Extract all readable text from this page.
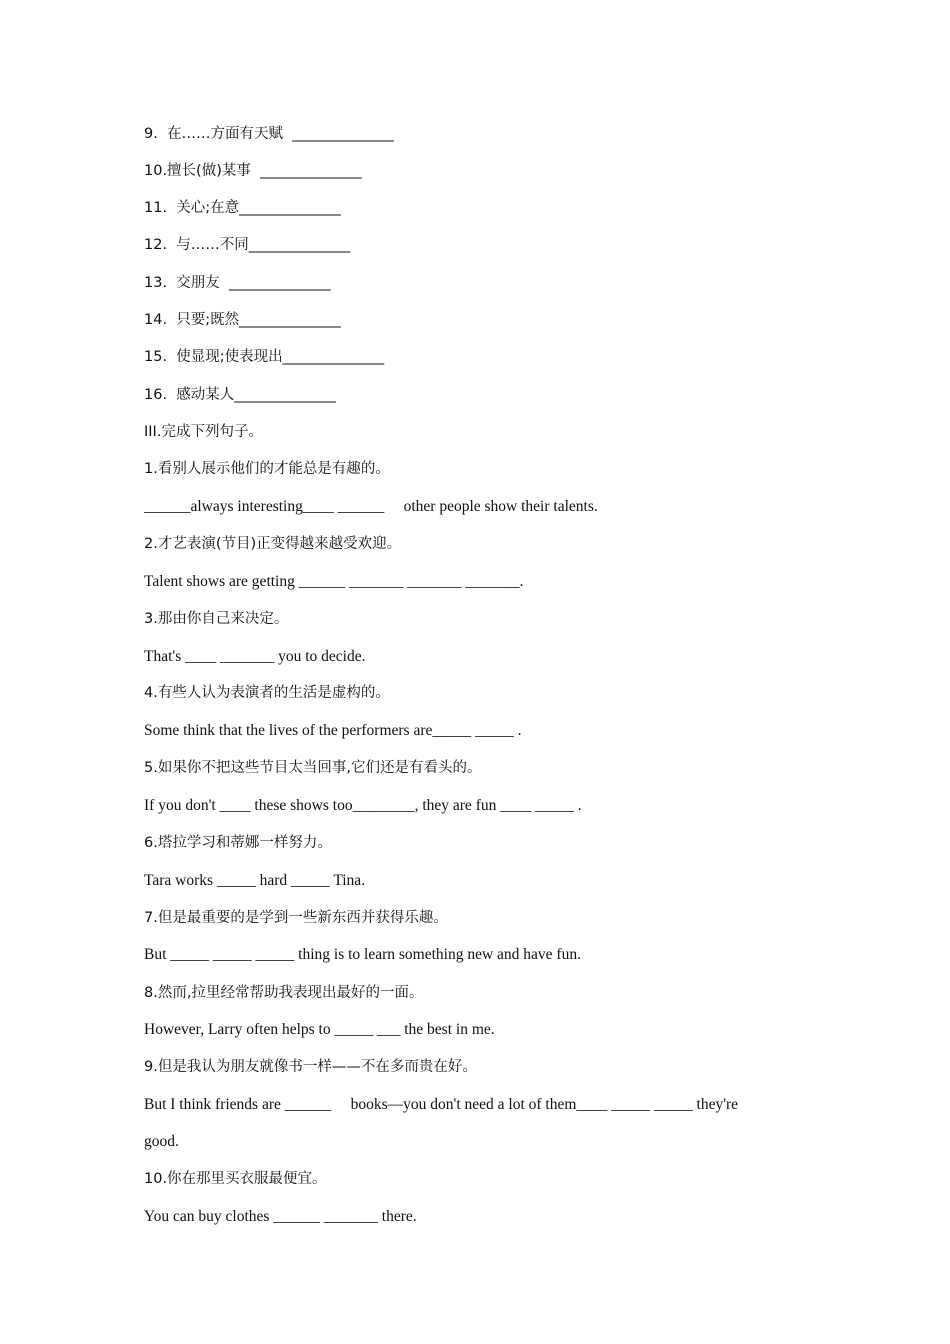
9.  在……方面有天赋  ______________
10.擅长(做)某事  ______________
11.  关心;在意______________
12.  与……不同______________
13.  交朋友  ______________
14.  只要;既然______________
15.  使显现;使表现出______________
16.  感动某人______________
III.完成下列句子。
1.看别人展示他们的才能总是有趣的。
______always interesting____ ______     other people show their talents.
2.才艺表演(节目)正变得越来越受欢迎。
Talent shows are getting ______ _______ _______ _______.
3.那由你自己来决定。
That's ____ _______ you to decide.
4.有些人认为表演者的生活是虚构的。
Some think that the lives of the performers are_____ _____ .
5.如果你不把这些节目太当回事,它们还是有看头的。
If you don't ____ these shows too________, they are fun ____ _____ .
6.塔拉学习和蒂娜一样努力。
Tara works _____ hard _____ Tina.
7.但是最重要的是学到一些新东西并获得乐趣。
But _____ _____ _____ thing is to learn something new and have fun.
8.然而,拉里经常帮助我表现出最好的一面。
However, Larry often helps to _____ ___ the best in me.
9.但是我认为朋友就像书一样——不在多而贵在好。
But I think friends are ______     books—you don't need a lot of them____ _____ _____ they're
good.
10.你在那里买衣服最便宜。
You can buy clothes ______ _______ there.
